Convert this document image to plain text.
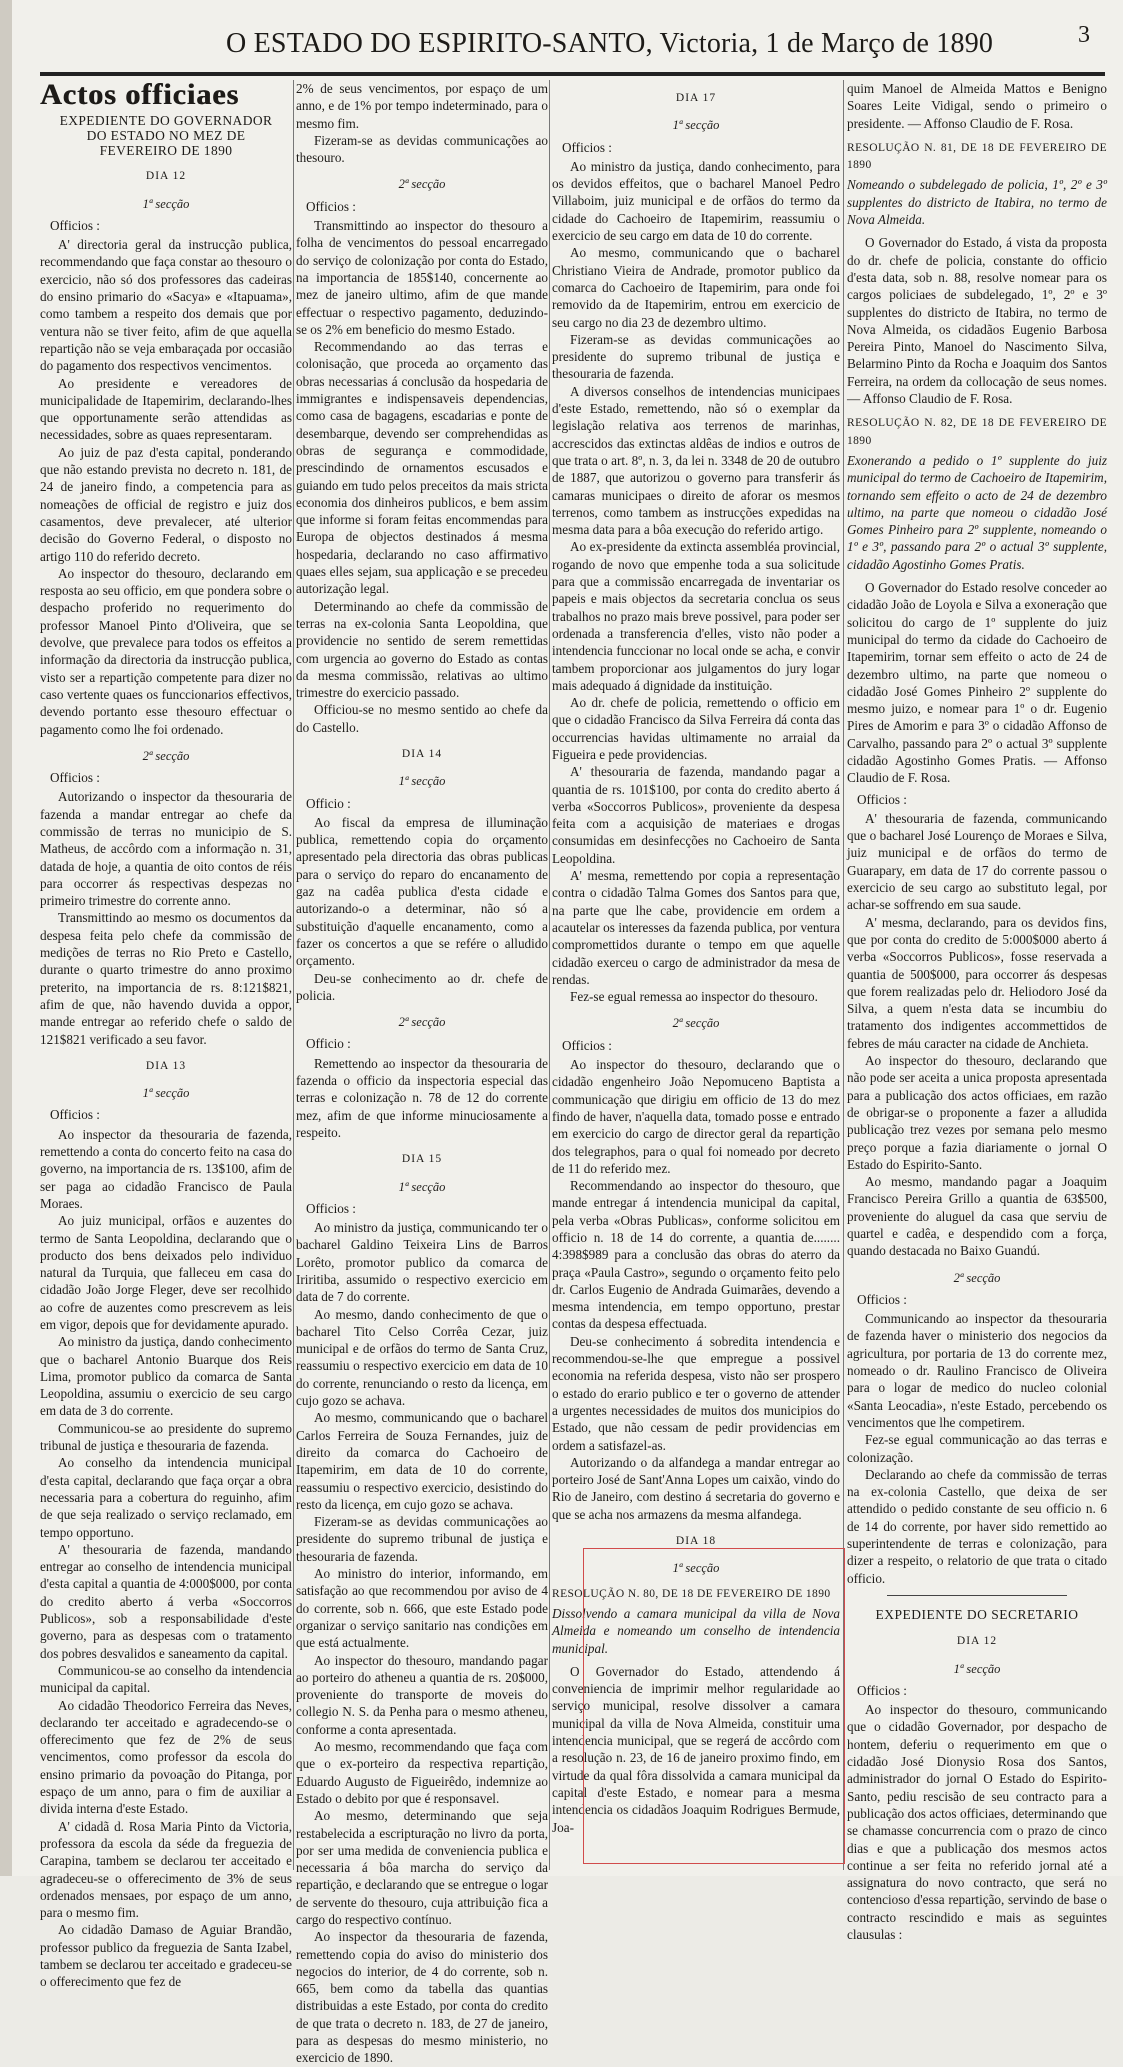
O ESTADO DO ESPIRITO-SANTO, Victoria, 1 de Março de 1890	3
Actos officiaes
EXPEDIENTE DO GOVERNADOR DO ESTADO NO MEZ DE FEVEREIRO DE 1890
DIA 12
1ª secção
Officios :

A' directoria geral da instrucção publica, recommendando que faça constar ao thesouro o exercicio, não só dos professores das cadeiras do ensino primario do «Sacya» e «Itapuama», como tambem a respeito dos demais que por ventura não se tiver feito, afim de que aquella repartição não se veja embaraçada por occasião do pagamento dos respectivos vencimentos.

Ao presidente e vereadores de municipalidade de Itapemirim, declarando-lhes que opportunamente serão attendidas as necessidades, sobre as quaes representaram.

Ao juiz de paz d'esta capital, ponderando que não estando prevista no decreto n. 181, de 24 de janeiro findo, a competencia para as nomeações de official de registro e juiz dos casamentos, deve prevalecer, até ulterior decisão do Governo Federal, o disposto no artigo 110 do referido decreto.

Ao inspector do thesouro, declarando em resposta ao seu officio, em que pondera sobre o despacho proferido no requerimento do professor Manoel Pinto d'Oliveira, que se devolve, que prevalece para todos os effeitos a informação da directoria da instrucção publica, visto ser a repartição competente para dizer no caso vertente quaes os funccionarios effectivos, devendo portanto esse thesouro effectuar o pagamento como lhe foi ordenado.

2ª secção
Officios :

Autorizando o inspector da thesouraria de fazenda a mandar entregar ao chefe da commissão de terras no municipio de S. Matheus, de accôrdo com a informação n. 31, datada de hoje, a quantia de oito contos de réis para occorrer ás respectivas despezas no primeiro trimestre do corrente anno.

Transmittindo ao mesmo os documentos da despesa feita pelo chefe da commissão de medições de terras no Rio Preto e Castello, durante o quarto trimestre do anno proximo preterito, na importancia de rs. 8:121$821, afim de que, não havendo duvida a oppor, mande entregar ao referido chefe o saldo de 121$821 verificado a seu favor.

DIA 13
1ª secção
Officios :

Ao inspector da thesouraria de fazenda, remettendo a conta do concerto feito na casa do governo, na importancia de rs. 13$100, afim de ser paga ao cidadão Francisco de Paula Moraes.

Ao juiz municipal, orfãos e auzentes do termo de Santa Leopoldina, declarando que o producto dos bens deixados pelo individuo natural da Turquia, que falleceu em casa do cidadão João Jorge Fleger, deve ser recolhido ao cofre de auzentes como prescrevem as leis em vigor, depois que for devidamente apurado.

Ao ministro da justiça, dando conhecimento que o bacharel Antonio Buarque dos Reis Lima, promotor publico da comarca de Santa Leopoldina, assumiu o exercicio de seu cargo em data de 3 do corrente.

Communicou-se ao presidente do supremo tribunal de justiça e thesouraria de fazenda.

Ao conselho da intendencia municipal d'esta capital, declarando que faça orçar a obra necessaria para a cobertura do reguinho, afim de que seja realizado o serviço reclamado, em tempo opportuno.

A' thesouraria de fazenda, mandando entregar ao conselho de intendencia municipal d'esta capital a quantia de 4:000$000, por conta do credito aberto á verba «Soccorros Publicos», sob a responsabilidade d'este governo, para as despesas com o tratamento dos pobres desvalidos e saneamento da capital.

Communicou-se ao conselho da intendencia municipal da capital.

Ao cidadão Theodorico Ferreira das Neves, declarando ter acceitado e agradecendo-se o offerecimento que fez de 2% de seus vencimentos, como professor da escola do ensino primario da povoação do Pitanga, por espaço de um anno, para o fim de auxiliar a divida interna d'este Estado.

A' cidadã d. Rosa Maria Pinto da Victoria, professora da escola da séde da freguezia de Carapina, tambem se declarou ter acceitado e agradeceu-se o offerecimento de 3% de seus ordenados mensaes, por espaço de um anno, para o mesmo fim.

Ao cidadão Damaso de Aguiar Brandão, professor publico da freguezia de Santa Izabel, tambem se declarou ter acceitado e gradeceu-se o offerecimento que fez de

2% de seus vencimentos, por espaço de um anno, e de 1% por tempo indeterminado, para o mesmo fim.

Fizeram-se as devidas communicações ao thesouro.

2ª secção
Officios :

Transmittindo ao inspector do thesouro a folha de vencimentos do pessoal encarregado do serviço de colonização por conta do Estado, na importancia de 185$140, concernente ao mez de janeiro ultimo, afim de que mande effectuar o respectivo pagamento, deduzindo-se os 2% em beneficio do mesmo Estado.

Recommendando ao das terras e colonisação, que proceda ao orçamento das obras necessarias á conclusão da hospedaria de immigrantes e indispensaveis dependencias, como casa de bagagens, escadarias e ponte de desembarque, devendo ser comprehendidas as obras de segurança e commodidade, prescindindo de ornamentos escusados e guiando em tudo pelos preceitos da mais stricta economia dos dinheiros publicos, e bem assim que informe si foram feitas encommendas para Europa de objectos destinados á mesma hospedaria, declarando no caso affirmativo quaes elles sejam, sua applicação e se precedeu autorização legal.

Determinando ao chefe da commissão de terras na ex-colonia Santa Leopoldina, que providencie no sentido de serem remettidas com urgencia ao governo do Estado as contas da mesma commissão, relativas ao ultimo trimestre do exercicio passado.

Officiou-se no mesmo sentido ao chefe da do Castello.

DIA 14
1ª secção
Officio :

Ao fiscal da empresa de illuminação publica, remettendo copia do orçamento apresentado pela directoria das obras publicas para o serviço do reparo do encanamento de gaz na cadêa publica d'esta cidade e autorizando-o a determinar, não só a substituição d'aquelle encanamento, como a fazer os concertos a que se refére o alludido orçamento.

Deu-se conhecimento ao dr. chefe de policia.

2ª secção
Officio :

Remettendo ao inspector da thesouraria de fazenda o officio da inspectoria especial das terras e colonização n. 78 de 12 do corrente mez, afim de que informe minuciosamente a respeito.

DIA 15
1ª secção
Officios :

Ao ministro da justiça, communicando ter o bacharel Galdino Teixeira Lins de Barros Lorêto, promotor publico da comarca de Iriritiba, assumido o respectivo exercicio em data de 7 do corrente.

Ao mesmo, dando conhecimento de que o bacharel Tito Celso Corrêa Cezar, juiz municipal e de orfãos do termo de Santa Cruz, reassumiu o respectivo exercicio em data de 10 do corrente, renunciando o resto da licença, em cujo gozo se achava.

Ao mesmo, communicando que o bacharel Carlos Ferreira de Souza Fernandes, juiz de direito da comarca do Cachoeiro de Itapemirim, em data de 10 do corrente, reassumiu o respectivo exercicio, desistindo do resto da licença, em cujo gozo se achava.

Fizeram-se as devidas communicações ao presidente do supremo tribunal de justiça e thesouraria de fazenda.

Ao ministro do interior, informando, em satisfação ao que recommendou por aviso de 4 do corrente, sob n. 666, que este Estado pode organizar o serviço sanitario nas condições em que está actualmente.

Ao inspector do thesouro, mandando pagar ao porteiro do atheneu a quantia de rs. 20$000, proveniente do transporte de moveis do collegio N. S. da Penha para o mesmo atheneu, conforme a conta apresentada.

Ao mesmo, recommendando que faça com que o ex-porteiro da respectiva repartição, Eduardo Augusto de Figueirêdo, indemnize ao Estado o debito por que é responsavel.

Ao mesmo, determinando que seja restabelecida a escripturação no livro da porta, por ser uma medida de conveniencia publica e necessaria á bôa marcha do serviço da repartição, e declarando que se entregue o logar de servente do thesouro, cuja attribuição fica a cargo do respectivo contínuo.

Ao inspector da thesouraria de fazenda, remettendo copia do aviso do ministerio dos negocios do interior, de 4 do corrente, sob n. 665, bem como da tabella das quantias distribuidas a este Estado, por conta do credito de que trata o decreto n. 183, de 27 de janeiro, para as despesas do mesmo ministerio, no exercicio de 1890.

DIA 17
1ª secção
Officios :

Ao ministro da justiça, dando conhecimento, para os devidos effeitos, que o bacharel Manoel Pedro Villaboim, juiz municipal e de orfãos do termo da cidade do Cachoeiro de Itapemirim, reassumiu o exercicio de seu cargo em data de 10 do corrente.

Ao mesmo, communicando que o bacharel Christiano Vieira de Andrade, promotor publico da comarca do Cachoeiro de Itapemirim, para onde foi removido da de Itapemirim, entrou em exercicio de seu cargo no dia 23 de dezembro ultimo.

Fizeram-se as devidas communicações ao presidente do supremo tribunal de justiça e thesouraria de fazenda.

A diversos conselhos de intendencias municipaes d'este Estado, remettendo, não só o exemplar da legislação relativa aos terrenos de marinhas, accrescidos das extinctas aldêas de indios e outros de que trata o art. 8º, n. 3, da lei n. 3348 de 20 de outubro de 1887, que autorizou o governo para transferir ás camaras municipaes o direito de aforar os mesmos terrenos, como tambem as instrucções expedidas na mesma data para a bôa execução do referido artigo.

Ao ex-presidente da extincta assembléa provincial, rogando de novo que empenhe toda a sua solicitude para que a commissão encarregada de inventariar os papeis e mais objectos da secretaria conclua os seus trabalhos no prazo mais breve possivel, para poder ser ordenada a transferencia d'elles, visto não poder a intendencia funccionar no local onde se acha, e convir tambem proporcionar aos julgamentos do jury logar mais adequado á dignidade da instituição.

Ao dr. chefe de policia, remettendo o officio em que o cidadão Francisco da Silva Ferreira dá conta das occurrencias havidas ultimamente no arraial da Figueira e pede providencias.

A' thesouraria de fazenda, mandando pagar a quantia de rs. 101$100, por conta do credito aberto á verba «Soccorros Publicos», proveniente da despesa feita com a acquisição de materiaes e drogas consumidas em desinfecções no Cachoeiro de Santa Leopoldina.

A' mesma, remettendo por copia a representação contra o cidadão Talma Gomes dos Santos para que, na parte que lhe cabe, providencie em ordem a acautelar os interesses da fazenda publica, por ventura compromettidos durante o tempo em que aquelle cidadão exerceu o cargo de administrador da mesa de rendas.

Fez-se egual remessa ao inspector do thesouro.

2ª secção
Officios :

Ao inspector do thesouro, declarando que o cidadão engenheiro João Nepomuceno Baptista a communicação que dirigiu em officio de 13 do mez findo de haver, n'aquella data, tomado posse e entrado em exercicio do cargo de director geral da repartição dos telegraphos, para o qual foi nomeado por decreto de 11 do referido mez.

Recommendando ao inspector do thesouro, que mande entregar á intendencia municipal da capital, pela verba «Obras Publicas», conforme solicitou em officio n. 18 de 14 do corrente, a quantia de........ 4:398$989 para a conclusão das obras do aterro da praça «Paula Castro», segundo o orçamento feito pelo dr. Carlos Eugenio de Andrada Guimarães, devendo a mesma intendencia, em tempo opportuno, prestar contas da despesa effectuada.

Deu-se conhecimento á sobredita intendencia e recommendou-se-lhe que empregue a possivel economia na referida despesa, visto não ser prospero o estado do erario publico e ter o governo de attender a urgentes necessidades de muitos dos municipios do Estado, que não cessam de pedir providencias em ordem a satisfazel-as.

Autorizando o da alfandega a mandar entregar ao porteiro José de Sant'Anna Lopes um caixão, vindo do Rio de Janeiro, com destino á secretaria do governo e que se acha nos armazens da mesma alfandega.

DIA 18
1ª secção
RESOLUÇÃO N. 80, DE 18 DE FEVEREIRO DE 1890
Dissolvendo a camara municipal da villa de Nova Almeida e nomeando um conselho de intendencia municipal.

O Governador do Estado, attendendo á conveniencia de imprimir melhor regularidade ao serviço municipal, resolve dissolver a camara municipal da villa de Nova Almeida, constituir uma intendencia municipal, que se regerá de accôrdo com a resolução n. 23, de 16 de janeiro proximo findo, em virtude da qual fôra dissolvida a camara municipal da capital d'este Estado, e nomear para a mesma intendencia os cidadãos Joaquim Rodrigues Bermude, Joa-

quim Manoel de Almeida Mattos e Benigno Soares Leite Vidigal, sendo o primeiro o presidente. — Affonso Claudio de F. Rosa.

RESOLUÇÃO N. 81, DE 18 DE FEVEREIRO DE 1890
Nomeando o subdelegado de policia, 1º, 2º e 3º supplentes do districto de Itabira, no termo de Nova Almeida.

O Governador do Estado, á vista da proposta do dr. chefe de policia, constante do officio d'esta data, sob n. 88, resolve nomear para os cargos policiaes de subdelegado, 1º, 2º e 3º supplentes do districto de Itabira, no termo de Nova Almeida, os cidadãos Eugenio Barbosa Pereira Pinto, Manoel do Nascimento Silva, Belarmino Pinto da Rocha e Joaquim dos Santos Ferreira, na ordem da collocação de seus nomes. — Affonso Claudio de F. Rosa.

RESOLUÇÃO N. 82, DE 18 DE FEVEREIRO DE 1890
Exonerando a pedido o 1º supplente do juiz municipal do termo de Cachoeiro de Itapemirim, tornando sem effeito o acto de 24 de dezembro ultimo, na parte que nomeou o cidadão José Gomes Pinheiro para 2º supplente, nomeando o 1º e 3º, passando para 2º o actual 3º supplente, cidadão Agostinho Gomes Pratis.

O Governador do Estado resolve conceder ao cidadão João de Loyola e Silva a exoneração que solicitou do cargo de 1º supplente do juiz municipal do termo da cidade do Cachoeiro de Itapemirim, tornar sem effeito o acto de 24 de dezembro ultimo, na parte que nomeou o cidadão José Gomes Pinheiro 2º supplente do mesmo juizo, e nomear para 1º o dr. Eugenio Pires de Amorim e para 3º o cidadão Affonso de Carvalho, passando para 2º o actual 3º supplente cidadão Agostinho Gomes Pratis. — Affonso Claudio de F. Rosa.

Officios :

A' thesouraria de fazenda, communicando que o bacharel José Lourenço de Moraes e Silva, juiz municipal e de orfãos do termo de Guarapary, em data de 17 do corrente passou o exercicio de seu cargo ao substituto legal, por achar-se soffrendo em sua saude.

A' mesma, declarando, para os devidos fins, que por conta do credito de 5:000$000 aberto á verba «Soccorros Publicos», fosse reservada a quantia de 500$000, para occorrer ás despesas que forem realizadas pelo dr. Heliodoro José da Silva, a quem n'esta data se incumbiu do tratamento dos indigentes accommettidos de febres de máu caracter na cidade de Anchieta.

Ao inspector do thesouro, declarando que não pode ser aceita a unica proposta apresentada para a publicação dos actos officiaes, em razão de obrigar-se o proponente a fazer a alludida publicação trez vezes por semana pelo mesmo preço porque a fazia diariamente o jornal O Estado do Espirito-Santo.

Ao mesmo, mandando pagar a Joaquim Francisco Pereira Grillo a quantia de 63$500, proveniente do aluguel da casa que serviu de quartel e cadêa, e despendido com a força, quando destacada no Baixo Guandú.

2ª secção
Officios :

Communicando ao inspector da thesouraria de fazenda haver o ministerio dos negocios da agricultura, por portaria de 13 do corrente mez, nomeado o dr. Raulino Francisco de Oliveira para o logar de medico do nucleo colonial «Santa Leocadia», n'este Estado, percebendo os vencimentos que lhe competirem.

Fez-se egual communicação ao das terras e colonização.

Declarando ao chefe da commissão de terras na ex-colonia Castello, que deixa de ser attendido o pedido constante de seu officio n. 6 de 14 do corrente, por haver sido remettido ao superintendente de terras e colonização, para dizer a respeito, o relatorio de que trata o citado officio.

EXPEDIENTE DO SECRETARIO
DIA 12
1ª secção
Officios :

Ao inspector do thesouro, communicando que o cidadão Governador, por despacho de hontem, deferiu o requerimento em que o cidadão José Dionysio Rosa dos Santos, administrador do jornal O Estado do Espirito-Santo, pediu rescisão de seu contracto para a publicação dos actos officiaes, determinando que se chamasse concurrencia com o prazo de cinco dias e que a publicação dos mesmos actos continue a ser feita no referido jornal até a assignatura do novo contracto, que será no contencioso d'essa repartição, servindo de base o contracto rescindido e mais as seguintes clausulas :
